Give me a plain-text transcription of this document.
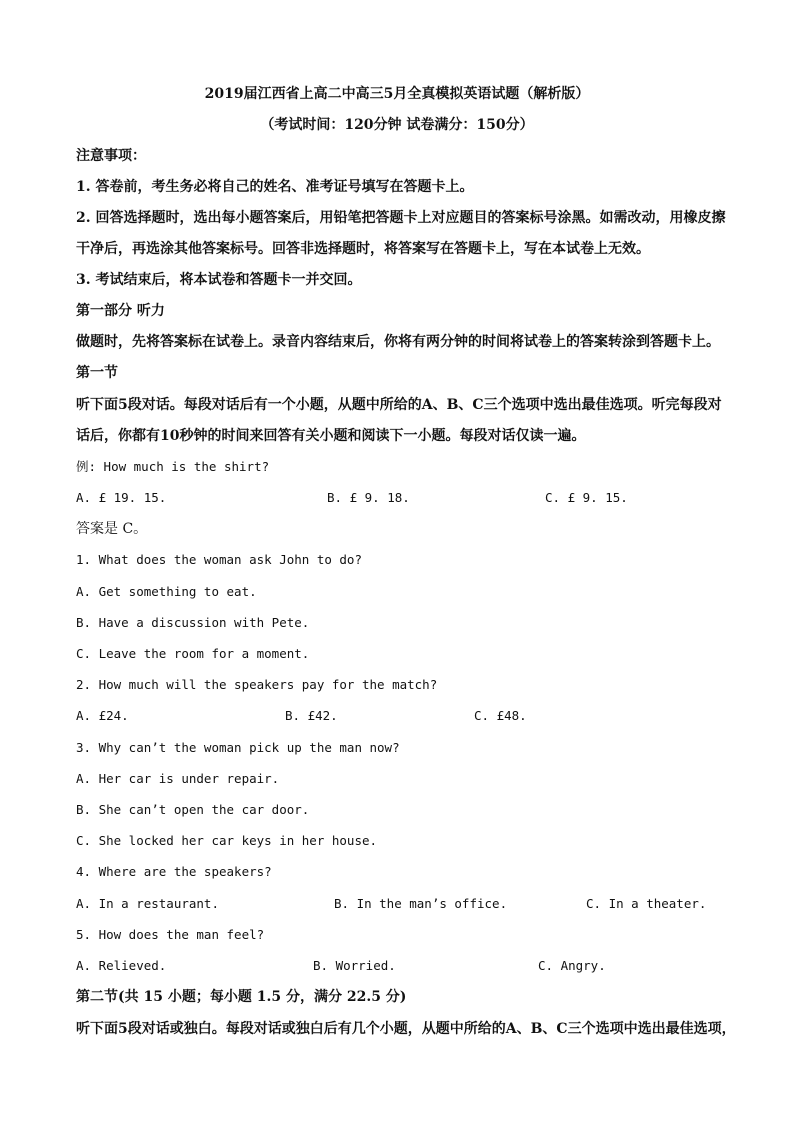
2019届江西省上高二中高三5月全真模拟英语试题（解析版）
（考试时间：120分钟 试卷满分：150分）
注意事项：
1. 答卷前，考生务必将自己的姓名、准考证号填写在答题卡上。
2. 回答选择题时，选出每小题答案后，用铅笔把答题卡上对应题目的答案标号涂黑。如需改动，用橡皮擦
干净后，再选涂其他答案标号。回答非选择题时，将答案写在答题卡上，写在本试卷上无效。
3. 考试结束后，将本试卷和答题卡一并交回。
第一部分 听力
做题时，先将答案标在试卷上。录音内容结束后，你将有两分钟的时间将试卷上的答案转涂到答题卡上。
第一节
听下面5段对话。每段对话后有一个小题，从题中所给的A、B、C三个选项中选出最佳选项。听完每段对
话后，你都有10秒钟的时间来回答有关小题和阅读下一小题。每段对话仅读一遍。
例: How much is the shirt?
A. £ 19. 15.	B. £ 9. 18.	C. £ 9. 15.
答案是 C。
1. What does the woman ask John to do?
A. Get something to eat.
B. Have a discussion with Pete.
C. Leave the room for a moment.
2. How much will the speakers pay for the match?
A. £24.	B. £42.	C. £48.
3. Why can’t the woman pick up the man now?
A. Her car is under repair.
B. She can’t open the car door.
C. She locked her car keys in her house.
4. Where are the speakers?
A. In a restaurant.	B. In the man’s office.	C. In a theater.
5. How does the man feel?
A. Relieved.	B. Worried.	C. Angry.
第二节(共 15 小题；每小题 1.5 分，满分 22.5 分)
听下面5段对话或独白。每段对话或独白后有几个小题，从题中所给的A、B、C三个选项中选出最佳选项，
